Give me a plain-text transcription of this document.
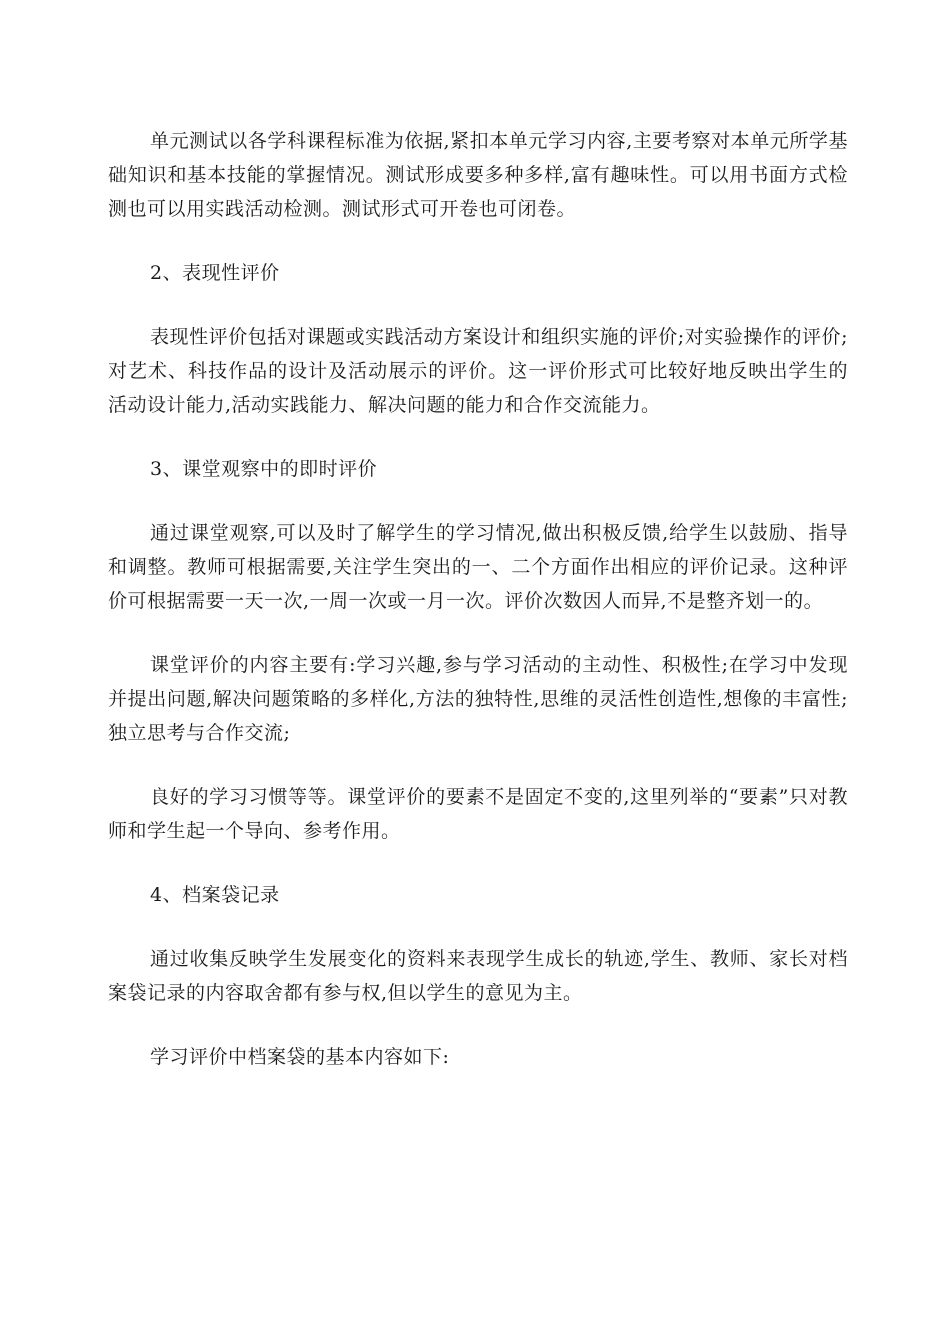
单元测试以各学科课程标准为依据,紧扣本单元学习内容,主要考察对本单元所学基础知识和基本技能的掌握情况。测试形成要多种多样,富有趣味性。可以用书面方式检测也可以用实践活动检测。测试形式可开卷也可闭卷。

2、表现性评价

表现性评价包括对课题或实践活动方案设计和组织实施的评价;对实验操作的评价;对艺术、科技作品的设计及活动展示的评价。这一评价形式可比较好地反映出学生的活动设计能力,活动实践能力、解决问题的能力和合作交流能力。

3、课堂观察中的即时评价

通过课堂观察,可以及时了解学生的学习情况,做出积极反馈,给学生以鼓励、指导和调整。教师可根据需要,关注学生突出的一、二个方面作出相应的评价记录。这种评价可根据需要一天一次,一周一次或一月一次。评价次数因人而异,不是整齐划一的。

课堂评价的内容主要有:学习兴趣,参与学习活动的主动性、积极性;在学习中发现并提出问题,解决问题策略的多样化,方法的独特性,思维的灵活性创造性,想像的丰富性;独立思考与合作交流;

良好的学习习惯等等。课堂评价的要素不是固定不变的,这里列举的“要素”只对教师和学生起一个导向、参考作用。

4、档案袋记录

通过收集反映学生发展变化的资料来表现学生成长的轨迹,学生、教师、家长对档案袋记录的内容取舍都有参与权,但以学生的意见为主。

学习评价中档案袋的基本内容如下:
